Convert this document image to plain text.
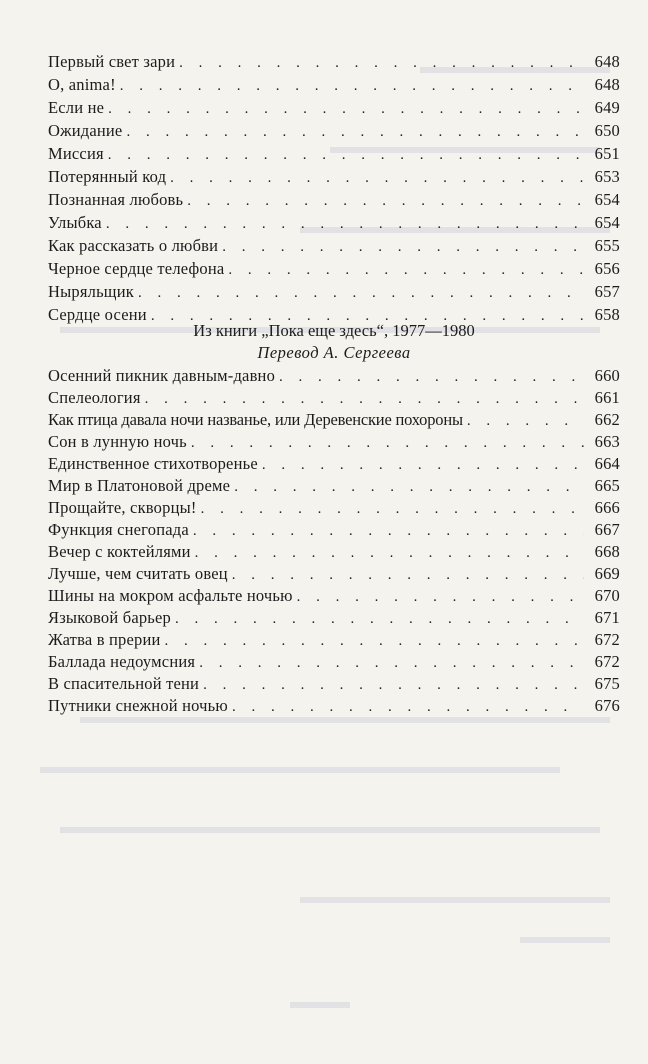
Первый свет зари . . .	648
О, anima! . . .	648
Если не . . .	649
Ожидание . . .	650
Миссия . . .	651
Потерянный код . . .	653
Познанная любовь . . .	654
Улыбка . . .	654
Как рассказать о любви . . .	655
Черное сердце телефона . . .	656
Ныряльщик . . .	657
Сердце осени . . .	658
Из книги „Пока еще здесь“, 1977—1980
Перевод А. Сергеева
Осенний пикник давным-давно . . .	660
Спелеология . . .	661
Как птица давала ночи названье, или Деревенские похороны . . .	662
Сон в лунную ночь . . .	663
Единственное стихотворенье . . .	664
Мир в Платоновой дреме . . .	665
Прощайте, скворцы! . . .	666
Функция снегопада . . .	667
Вечер с коктейлями . . .	668
Лучше, чем считать овец . . .	669
Шины на мокром асфальте ночью . . .	670
Языковой барьер . . .	671
Жатва в прерии . . .	672
Баллада недоумсния . . .	672
В спасительной тени . . .	675
Путники снежной ночью . . .	676
